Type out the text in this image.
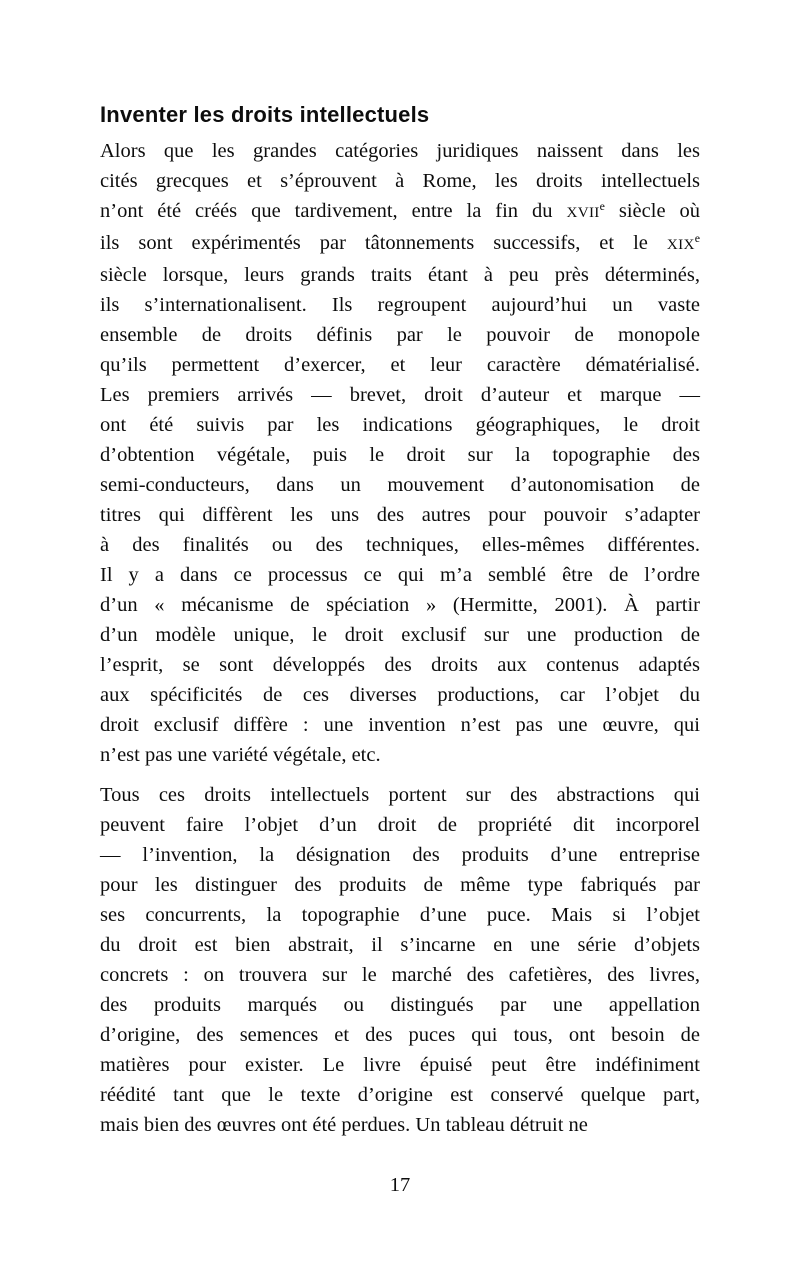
Inventer les droits intellectuels
Alors que les grandes catégories juridiques naissent dans les
cités grecques et s’éprouvent à Rome, les droits intellectuels
n’ont été créés que tardivement, entre la fin du XVIIe siècle où
ils sont expérimentés par tâtonnements successifs, et le XIXe
siècle lorsque, leurs grands traits étant à peu près déterminés,
ils s’internationalisent. Ils regroupent aujourd’hui un vaste
ensemble de droits définis par le pouvoir de monopole
qu’ils permettent d’exercer, et leur caractère dématérialisé.
Les premiers arrivés — brevet, droit d’auteur et marque —
ont été suivis par les indications géographiques, le droit
d’obtention végétale, puis le droit sur la topographie des
semi-conducteurs, dans un mouvement d’autonomisation de
titres qui diffèrent les uns des autres pour pouvoir s’adapter
à des finalités ou des techniques, elles-mêmes différentes.
Il y a dans ce processus ce qui m’a semblé être de l’ordre
d’un « mécanisme de spéciation » (Hermitte, 2001). À partir
d’un modèle unique, le droit exclusif sur une production de
l’esprit, se sont développés des droits aux contenus adaptés
aux spécificités de ces diverses productions, car l’objet du
droit exclusif diffère : une invention n’est pas une œuvre, qui
n’est pas une variété végétale, etc.
Tous ces droits intellectuels portent sur des abstractions qui
peuvent faire l’objet d’un droit de propriété dit incorporel
— l’invention, la désignation des produits d’une entreprise
pour les distinguer des produits de même type fabriqués par
ses concurrents, la topographie d’une puce. Mais si l’objet
du droit est bien abstrait, il s’incarne en une série d’objets
concrets : on trouvera sur le marché des cafetières, des livres,
des produits marqués ou distingués par une appellation
d’origine, des semences et des puces qui tous, ont besoin de
matières pour exister. Le livre épuisé peut être indéfiniment
réédité tant que le texte d’origine est conservé quelque part,
mais bien des œuvres ont été perdues. Un tableau détruit ne
17
